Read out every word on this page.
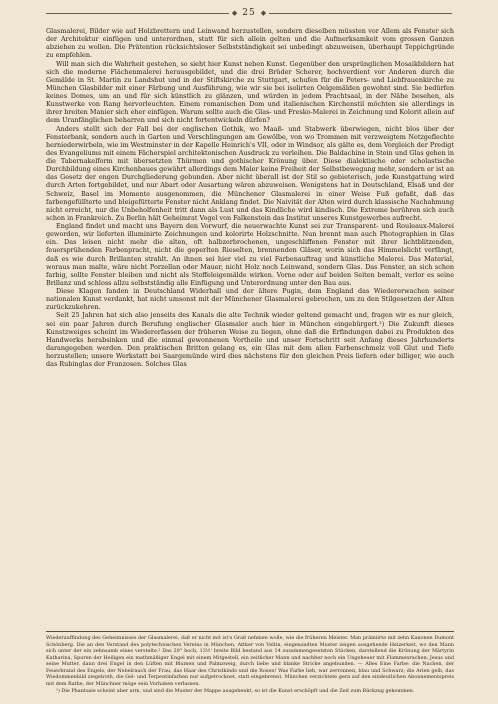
◆ 25 ◆

Glasmalerei, Bilder wie auf Holzbrettern und Leinwand herzustellen, sondern dieselben müssten vor Allem als Fenster sich der Architektur einfügen und unterordnen, statt für sich allein gelten und die Aufmerksamkeit vom grossen Ganzen abziehen zu wollen. Die Prätention rücksichtsloser Selbstständigkeit sei unbedingt abzuweisen, überhaupt Teppichgründe zu empfehlen.

Will man sich die Wahrheit gestehen, so sieht hier Kunst neben Kunst. Gegenüber den ursprünglichen Mosaikbildern hat sich die moderne Flächenmalerei herausgebildet, und die drei Brüder Scherer, hochverdient vor Anderen durch die Gemälde in St. Martin zu Landshut und in der Stiftskirche zu Stuttgart, schufen für die Peters- und Liebfrauenkirche zu München Glasbilder mit einer Färbung und Ausführung, wie wir sie bei isolirten Oelgemälden gewohnt sind. Sie bedürfen keines Domes, um an und für sich künstlich zu glänzen, und würden in jedem Prachtsaal, in der Nähe besehen, als Kunstwerke von Rang hervorleuchten. Einem romanischen Dom und italienischen Kirchenstil möchten sie allerdings in ihrer breiten Manier sich eher einfügen. Warum sollte auch die Glas- und Fresko-Malerei in Zeichnung und Kolorit allein auf dem Uranfänglichen beharren und sich nicht fortentwickeln dürfen?

Anders stellt sich der Fall bei der englischen Gothik, wo Maaß- und Stabwerk überwiegen, nicht blos über der Fensterbank, sondern auch in Garten und Verschlingungen am Gewölbe, von wo Trommen mit verzweigtem Netzgeflechte herniederwirbeln, wie im Westminster in der Kapelle Heinrich's VII, oder in Windsor, als gälte es, dem Vorgleich der Predigt des Evangeliums mit einem Fächerspiel architektonischen Ausdruck zu verleihen. Die Baldachine in Stein und Glas gehen in die Tabernakelform mit übersetzten Thürmen und gothischer Krönung über. Diese dialektische oder scholastische Durchbildung eines Kirchenbaues gewährt allerdings dem Maler keine Freiheit der Selbstbewegung mehr, sondern er ist an das Gesetz der engen Durchgliederung gebunden. Aber nicht überall ist der Stil so gebieterisch, jede Kunstgattung wird durch Arten fortgebildet, und nur Abart oder Ausartung wären abzuweisen. Wenigstens hat in Deutschland, Elsaß und der Schweiz, Basel im Momente ausgenommen, die Münchener Glasmalerei in einer Weise Fuß gefaßt, daß das farbengefüllterte und bleigefütterte Fenster nicht Anklang findet. Die Naivität der Alten wird durch klassische Nachahmung nicht erreicht, nur die Unbeholfenheit tritt dann als Lust und das Kindliche wird kindisch. Die Extreme berühren sich auch schon in Frankreich. Zu Berlin hält Geheimrat Vogel von Falkenstein das Institut unseres Kunstgewerbes aufrecht.

England findet und macht uns Bayern den Vorwurf, die neuerwachte Kunst sei zur Transparent- und Rouleaux-Malerei geworden, wir lieferten illuminirte Zeichnungen und kolorirte Holzschnitte. Nun brennt man auch Photographien in Glas ein. Das leisen nicht mehr die alten, oft halbzerbrochenen, ungeschliffenen Fenster mit ihrer lichtblitzenden, feuersprühenden Farbenpracht, nicht die geperlten Rieselten, brennenden Gläser, worin sich das Himmelslicht verfängt, daß es wie durch Brillanten strahlt. An ihnen sei hier viel zu viel Farbenauftrag und künstliche Malerei. Das Material, woraus man malte, wäre nicht Porzellan oder Mauer, nicht Holz noch Leinwand, sondern Glas. Das Fenster, an sich schon farbig, sollte Fenster bleiben und nicht als Stoffeleigemälde wirken. Vorne oder auf beiden Seiten bemalt, verlor es seine Brillanz und schloss allzu selbstständig alle Einfügung und Unterordnung unter den Bau aus.

Diese Klagen fanden in Deutschland Widerhall und der ältere Pugin, dem England das Wiedererwachen seiner nationalen Kunst verdankt, hat nicht umsonst mit der Münchener Glasmalerei gebrochen, um zu den Stilgesetzen der Alten zurückzukehren.

Seit 25 Jahren hat sich also jenseits des Kanals die alte Technik wieder geltend gemacht und, fragen wir es nur gleich, sei ein paar Jahren durch Berufung englischer Glasmaler auch hier in München eingebürgert.¹) Die Zukunft dieses Kunstzweiges scheint im Wiedererfassen der früheren Weise zu liegen, ohne daß die Erfindungen dabei zu Produkten des Handwerks herabsinken und die einmal gewonnenen Vortheile und unser Fortschritt seit Anfang dieses Jahrhunderts darangegeben werden. Den praktischen Britten gelang es, ein Glas mit dem allen Farbenschmelz voll Glut und Tiefe herzustellen; unsere Werkstatt bei Saargemünde wird dies nächstens für den gleichen Preis liefern oder billiger, wie auch das Rubinglas der Franzosen. Solches Glas

Wiederauffindung des Geheimnisses der Glasmalerei, daß er nicht mit ist's Graß nehmen wolle, wie die früheren Meister. Man prämiirte mit zehn Kanonen Dumont Schönberg. Die an den Verstand des polytechnischen Vereins in München, Attker von Voltin, eingesandten Muster zeigen ausgehende Heizerkeit, wo den Mann sich unter der ein zehnsamb eines verstelte.² Das 20° hoch, 13½' breite Bild bestand aus 14 zusammengesetzten Stücken, darstellend die Krönung der Märtyrin Katharina, Spuren der Heiligen ein mathmäßiger Engel mit einem Mitgestell, ein zeitlicher Mann und nachher noch ein Ungeheuer mit Flammenrachen; Jesus und seine Mutter, dann drei Engel in den Lüften mit Blumen und Palmzweig, durch liebe und blanke Stricke angebunden. — Alles Eine Farbe: die Nachen, der Feuerbrand des Engels, der Nebelrauch der Frau, das Haar des Christkinds und die Rosen! Was Farbe lieb, war zerronnen, blau und Schwarz; die Arien gelb, das Wiedommenbild ziegelroth, die Gel- und Terpentinfarben nur aufgetrocknet, statt eingebrennt. München verzichtete gern auf den eindeutlichen Abonnementspreis mit dem Rathe, der Münchner möge sein Vorhaben verlassen.

¹) Die Phantasie scheint aber arm, und sind die Muster der Mappe ausgehenkt, so ist die Kunst erschöpft und die Zeit zum Rückzug gekommen.
